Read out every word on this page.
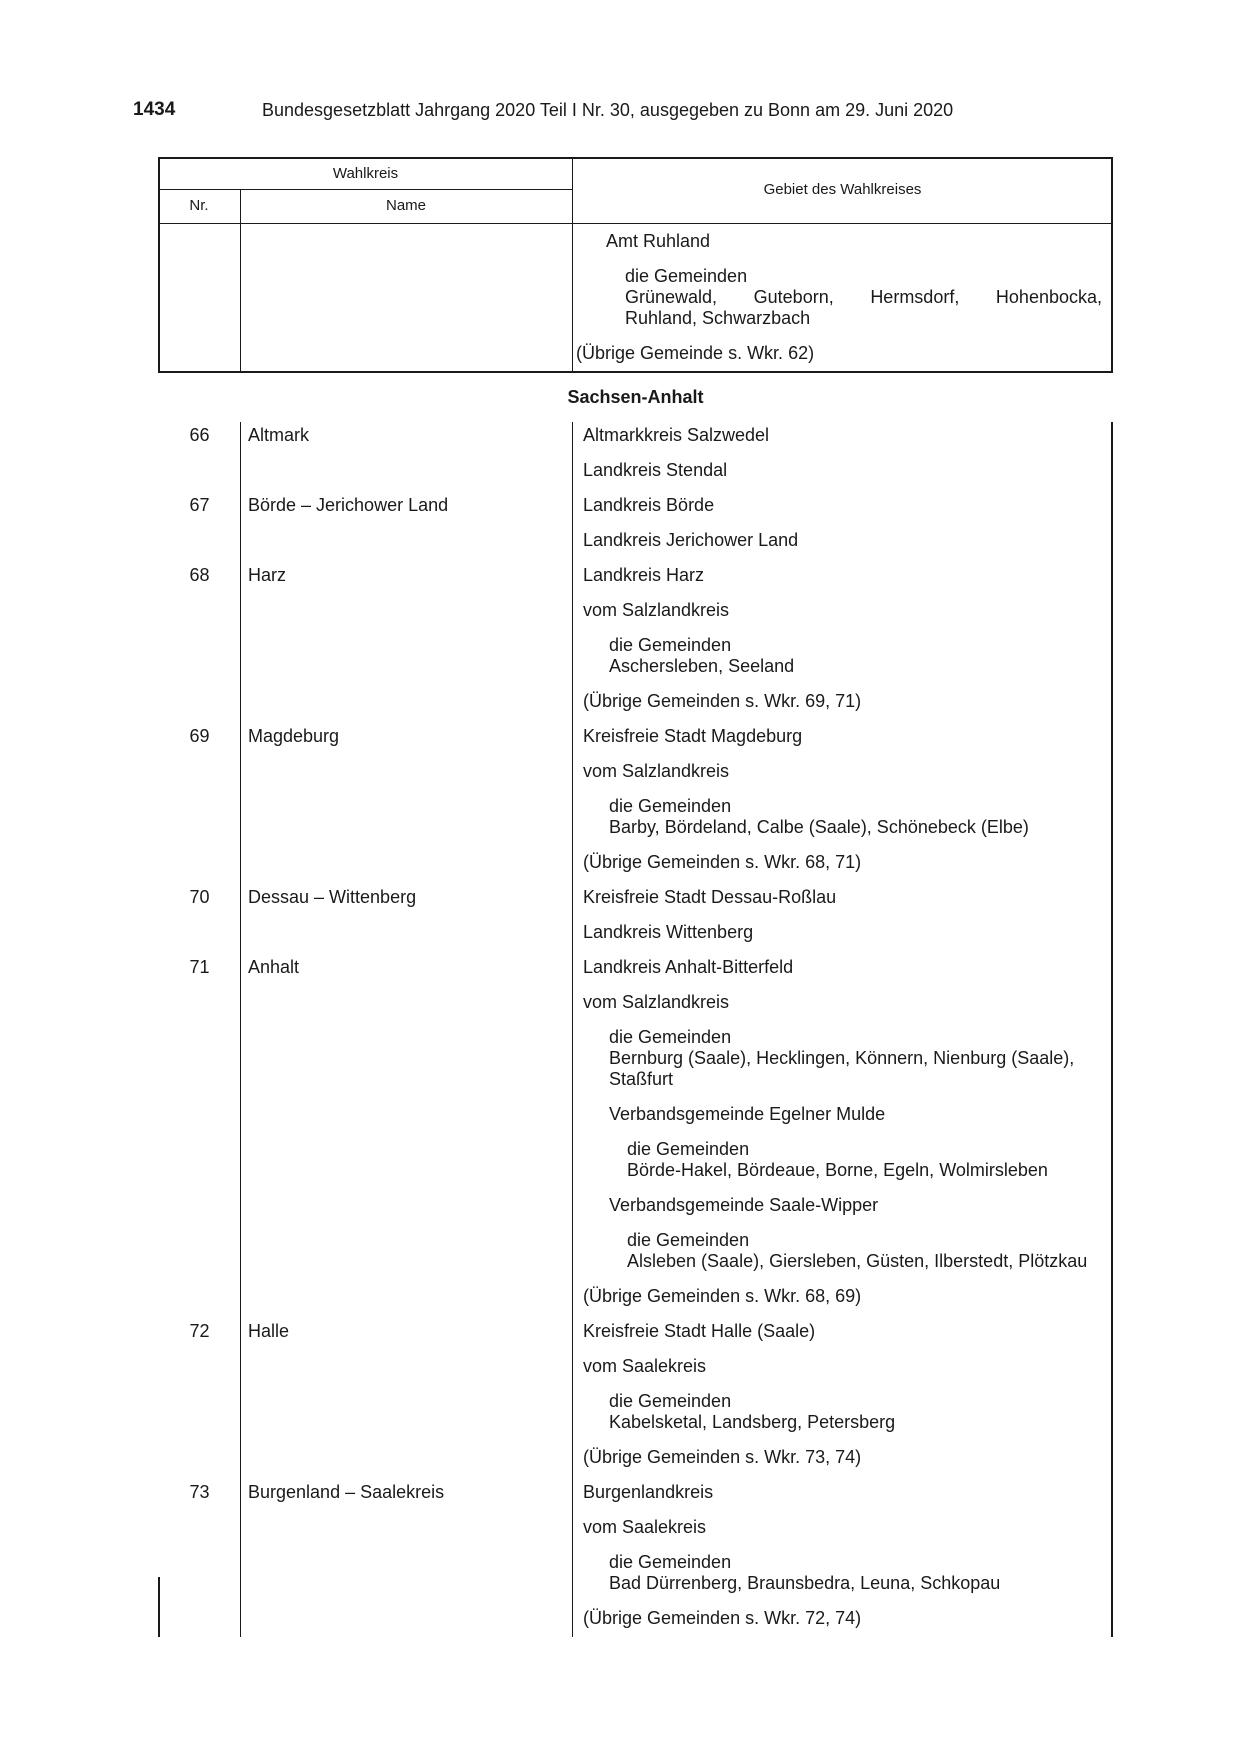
1434	Bundesgesetzblatt Jahrgang 2020 Teil I Nr. 30, ausgegeben zu Bonn am 29. Juni 2020
Wahlkreis
Nr.	Name
Gebiet des Wahlkreises
Amt Ruhland
die Gemeinden
Grünewald, Guteborn, Hermsdorf, Hohenbocka,
Ruhland, Schwarzbach
(Übrige Gemeinde s. Wkr. 62)
Sachsen-Anhalt
66	Altmark	Altmarkkreis Salzwedel
Landkreis Stendal
67	Börde – Jerichower Land	Landkreis Börde
Landkreis Jerichower Land
68	Harz	Landkreis Harz
vom Salzlandkreis
die Gemeinden
Aschersleben, Seeland
(Übrige Gemeinden s. Wkr. 69, 71)
69	Magdeburg	Kreisfreie Stadt Magdeburg
vom Salzlandkreis
die Gemeinden
Barby, Bördeland, Calbe (Saale), Schönebeck (Elbe)
(Übrige Gemeinden s. Wkr. 68, 71)
70	Dessau – Wittenberg	Kreisfreie Stadt Dessau-Roßlau
Landkreis Wittenberg
71	Anhalt	Landkreis Anhalt-Bitterfeld
vom Salzlandkreis
die Gemeinden
Bernburg (Saale), Hecklingen, Könnern, Nienburg (Saale),
Staßfurt
Verbandsgemeinde Egelner Mulde
die Gemeinden
Börde-Hakel, Bördeaue, Borne, Egeln, Wolmirsleben
Verbandsgemeinde Saale-Wipper
die Gemeinden
Alsleben (Saale), Giersleben, Güsten, Ilberstedt, Plötzkau
(Übrige Gemeinden s. Wkr. 68, 69)
72	Halle	Kreisfreie Stadt Halle (Saale)
vom Saalekreis
die Gemeinden
Kabelsketal, Landsberg, Petersberg
(Übrige Gemeinden s. Wkr. 73, 74)
73	Burgenland – Saalekreis	Burgenlandkreis
vom Saalekreis
die Gemeinden
Bad Dürrenberg, Braunsbedra, Leuna, Schkopau
(Übrige Gemeinden s. Wkr. 72, 74)
